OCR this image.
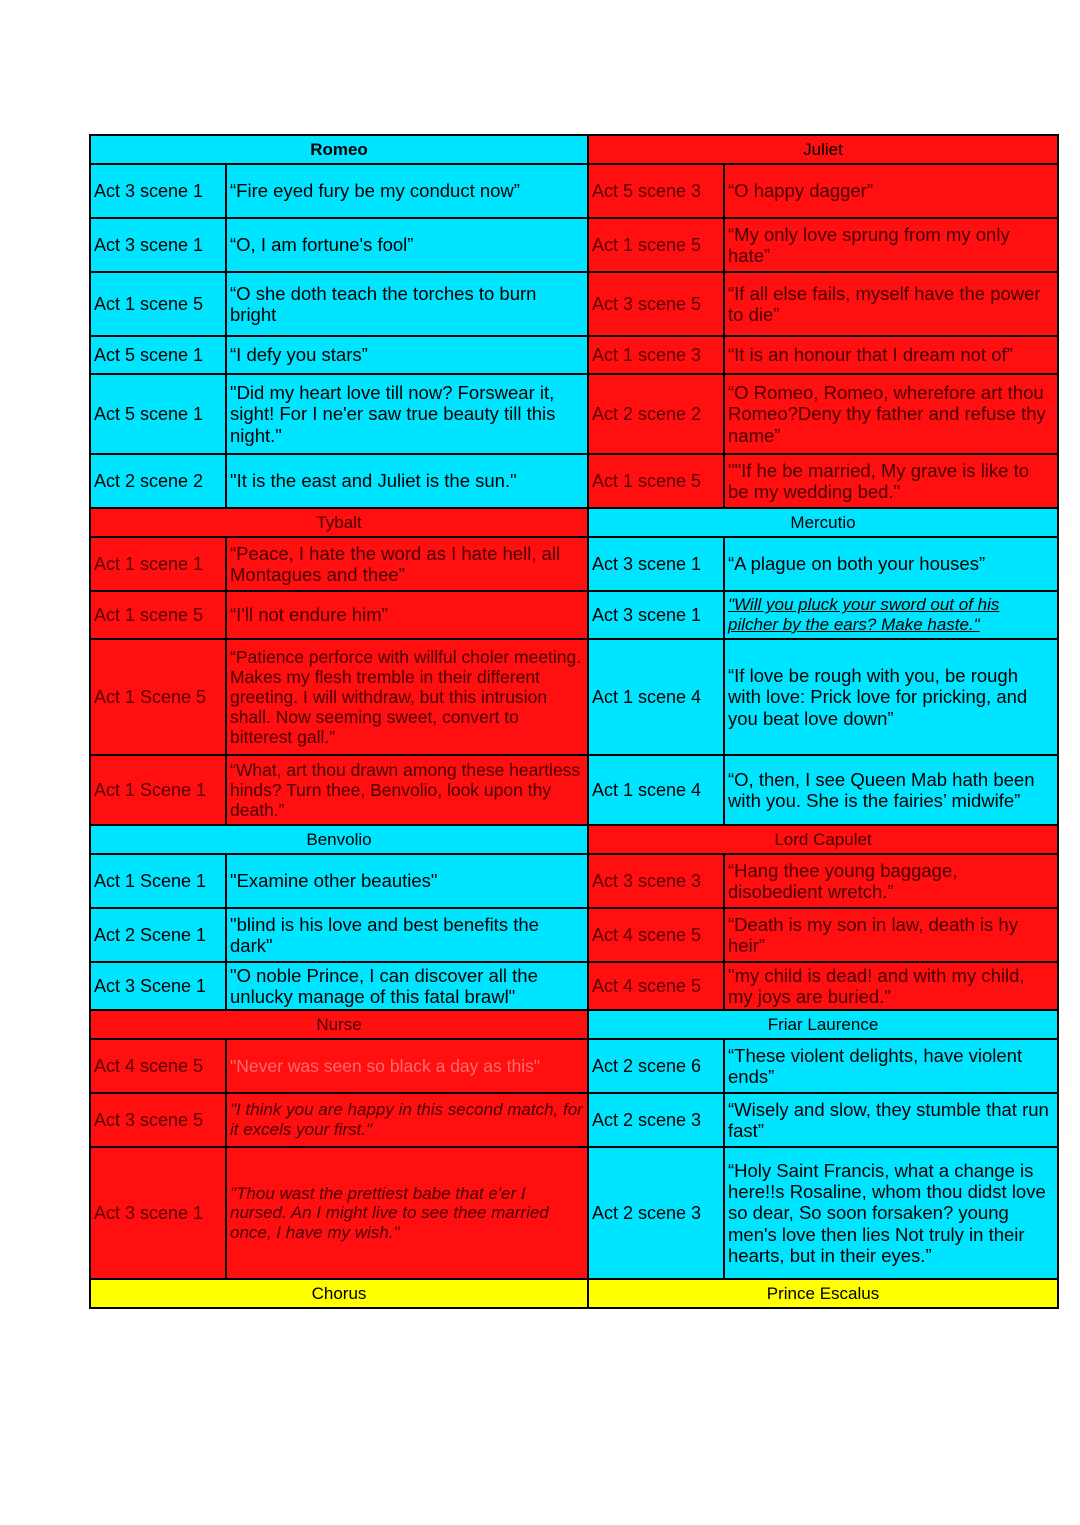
Romeo		Juliet	
Act 3 scene 1	“Fire eyed fury be my conduct now”	Act 5 scene 3	“O happy dagger”
Act 3 scene 1	“O, I am fortune's fool”	Act 1 scene 5	“My only love sprung from my only hate”
Act 1 scene 5	“O she doth teach the torches to burn bright	Act 3 scene 5	“If all else fails, myself have the power to die”
Act 5 scene 1	“I defy you stars”	Act 1 scene 3	“It is an honour that I dream not of”
Act 5 scene 1	"Did my heart love till now? Forswear it, sight! For I ne'er saw true beauty till this night."	Act 2 scene 2	“O Romeo, Romeo, wherefore art thou Romeo?Deny thy father and refuse thy name”
Act 2 scene 2	"It is the east and Juliet is the sun."	Act 1 scene 5	""If he be married, My grave is like to be my wedding bed."
Tybalt		Mercutio	
Act 1 scene 1	“Peace, I hate the word as I hate hell, all Montagues and thee”	Act 3 scene 1	“A plague on both your houses”
Act 1 scene 5	“I'll not endure him”	Act 3 scene 1	"Will you pluck your sword out of his pilcher by the ears? Make haste."
Act 1 Scene 5	“Patience perforce with willful choler meeting. Makes my flesh tremble in their different greeting. I will withdraw, but this intrusion shall. Now seeming sweet, convert to bitterest gall.”	Act 1 scene 4	“If love be rough with you, be rough with love: Prick love for pricking, and you beat love down”
Act 1 Scene 1	“What, art thou drawn among these heartless hinds? Turn thee, Benvolio, look upon thy death.”	Act 1 scene 4	“O, then, I see Queen Mab hath been with you. She is the fairies’ midwife”
Benvolio		Lord Capulet	
Act 1 Scene 1	"Examine other beauties"	Act 3 scene 3	“Hang thee young baggage, disobedient wretch.”
Act 2 Scene 1	"blind is his love and best benefits the dark"	Act 4 scene 5	“Death is my son in law, death is hy heir”
Act 3 Scene 1	"O noble Prince, I can discover all the unlucky manage of this fatal brawl"	Act 4 scene 5	"my child is dead! and with my child, my joys are buried."
Nurse		Friar Laurence	
Act 4 scene 5	"Never was seen so black a day as this"	Act 2 scene 6	“These violent delights, have violent ends”
Act 3 scene 5	"I think you are happy in this second match, for it excels your first."	Act 2 scene 3	“Wisely and slow, they stumble that run fast”
Act 3 scene 1	"Thou wast the prettiest babe that e'er I nursed. An I might live to see thee married once, I have my wish."	Act 2 scene 3	“Holy Saint Francis, what a change is here!!s Rosaline, whom thou didst love so dear, So soon forsaken? young men's love then lies Not truly in their hearts, but in their eyes.”
Chorus		Prince Escalus	
